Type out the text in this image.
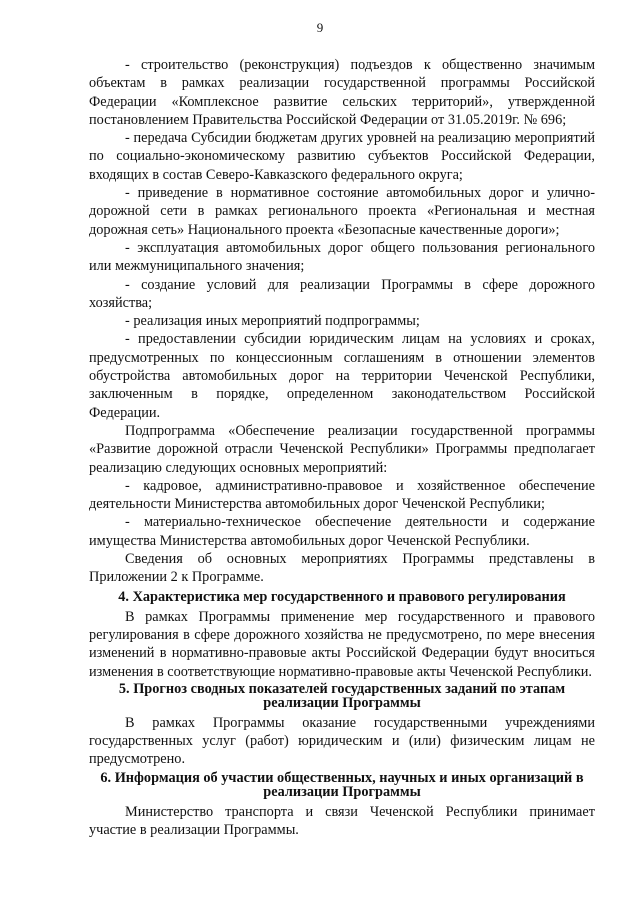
9

- строительство (реконструкция) подъездов к общественно значимым объектам в рамках реализации государственной программы Российской Федерации «Комплексное развитие сельских территорий», утвержденной постановлением Правительства Российской Федерации от 31.05.2019г. № 696;

- передача Субсидии бюджетам других уровней на реализацию мероприятий по социально-экономическому развитию субъектов Российской Федерации, входящих в состав Северо-Кавказского федерального округа;

- приведение в нормативное состояние автомобильных дорог и улично-дорожной сети в рамках регионального проекта «Региональная и местная дорожная сеть» Национального проекта «Безопасные качественные дороги»;

- эксплуатация автомобильных дорог общего пользования регионального или межмуниципального значения;

- создание условий для реализации Программы в сфере дорожного хозяйства;

- реализация иных мероприятий подпрограммы;

- предоставлении субсидии юридическим лицам на условиях и сроках, предусмотренных по концессионным соглашениям в отношении элементов обустройства автомобильных дорог на территории Чеченской Республики, заключенным в порядке, определенном законодательством Российской Федерации.

Подпрограмма «Обеспечение реализации государственной программы «Развитие дорожной отрасли Чеченской Республики» Программы предполагает реализацию следующих основных мероприятий:

- кадровое, административно-правовое и хозяйственное обеспечение деятельности Министерства автомобильных дорог Чеченской Республики;

- материально-техническое обеспечение деятельности и содержание имущества Министерства автомобильных дорог Чеченской Республики.

Сведения об основных мероприятиях Программы представлены в Приложении 2 к Программе.

4. Характеристика мер государственного и правового регулирования

В рамках Программы применение мер государственного и правового регулирования в сфере дорожного хозяйства не предусмотрено, по мере внесения изменений в нормативно-правовые акты Российской Федерации будут вноситься изменения в соответствующие нормативно-правовые акты Чеченской Республики.

5. Прогноз сводных показателей государственных заданий по этапам реализации Программы

В рамках Программы оказание государственными учреждениями государственных услуг (работ) юридическим и (или) физическим лицам не предусмотрено.

6. Информация об участии общественных, научных и иных организаций в реализации Программы

Министерство транспорта и связи Чеченской Республики принимает участие в реализации Программы.
